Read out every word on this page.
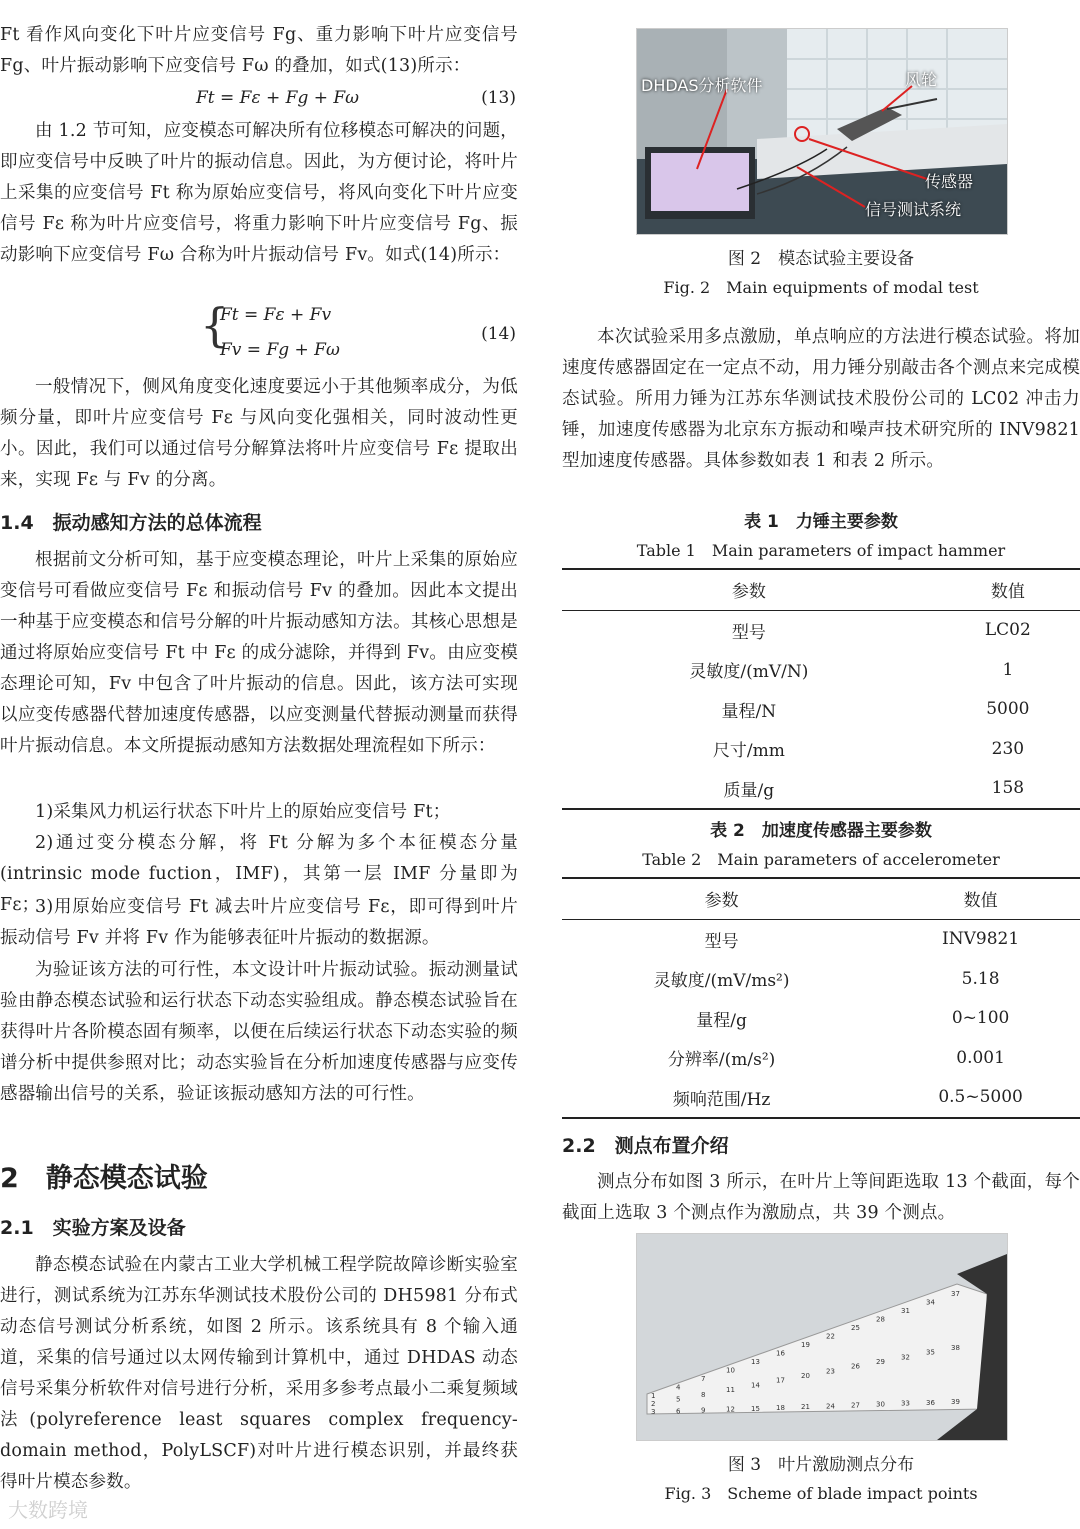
Ft 看作风向变化下叶片应变信号 Fg、重力影响下叶片应变信号 Fg、叶片振动影响下应变信号 Fω 的叠加，如式(13)所示：

Ft = Fε + Fg + Fω	(13)

由 1.2 节可知，应变模态可解决所有位移模态可解决的问题，即应变信号中反映了叶片的振动信息。因此，为方便讨论，将叶片上采集的应变信号 Ft 称为原始应变信号，将风向变化下叶片应变信号 Fε 称为叶片应变信号，将重力影响下叶片应变信号 Fg、振动影响下应变信号 Fω 合称为叶片振动信号 Fv。如式(14)所示：

{
Ft = Fε + Fv
Fv = Fg + Fω
(14)

一般情况下，侧风角度变化速度要远小于其他频率成分，为低频分量，即叶片应变信号 Fε 与风向变化强相关，同时波动性更小。因此，我们可以通过信号分解算法将叶片应变信号 Fε 提取出来，实现 Fε 与 Fv 的分离。

1.4　振动感知方法的总体流程

根据前文分析可知，基于应变模态理论，叶片上采集的原始应变信号可看做应变信号 Fε 和振动信号 Fv 的叠加。因此本文提出一种基于应变模态和信号分解的叶片振动感知方法。其核心思想是通过将原始应变信号 Ft 中 Fε 的成分滤除，并得到 Fv。由应变模态理论可知，Fv 中包含了叶片振动的信息。因此，该方法可实现以应变传感器代替加速度传感器，以应变测量代替振动测量而获得叶片振动信息。本文所提振动感知方法数据处理流程如下所示：

1)采集风力机运行状态下叶片上的原始应变信号 Ft；

2)通过变分模态分解，将 Ft 分解为多个本征模态分量(intrinsic mode fuction，IMF)，其第一层 IMF 分量即为 Fε；

3)用原始应变信号 Ft 减去叶片应变信号 Fε，即可得到叶片振动信号 Fv 并将 Fv 作为能够表征叶片振动的数据源。

为验证该方法的可行性，本文设计叶片振动试验。振动测量试验由静态模态试验和运行状态下动态实验组成。静态模态试验旨在获得叶片各阶模态固有频率，以便在后续运行状态下动态实验的频谱分析中提供参照对比；动态实验旨在分析加速度传感器与应变传感器输出信号的关系，验证该振动感知方法的可行性。

2　静态模态试验
2.1　实验方案及设备

静态模态试验在内蒙古工业大学机械工程学院故障诊断实验室进行，测试系统为江苏东华测试技术股份公司的 DH5981 分布式动态信号测试分析系统，如图 2 所示。该系统具有 8 个输入通道，采集的信号通过以太网传输到计算机中，通过 DHDAS 动态信号采集分析软件对信号进行分析，采用多参考点最小二乘复频域法(polyreference least squares complex frequency-domain method，PolyLSCF)对叶片进行模态识别，并最终获得叶片模态参数。

DHDAS分析软件	风轮
传感器
信号测试系统
图 2　模态试验主要设备
Fig. 2　Main equipments of modal test

本次试验采用多点激励，单点响应的方法进行模态试验。将加速度传感器固定在一定点不动，用力锤分别敲击各个测点来完成模态试验。所用力锤为江苏东华测试技术股份公司的 LC02 冲击力锤，加速度传感器为北京东方振动和噪声技术研究所的 INV9821 型加速度传感器。具体参数如表 1 和表 2 所示。

表 1　力锤主要参数
Table 1　Main parameters of impact hammer
参数	数值
型号	LC02
灵敏度/(mV/N)	1
量程/N	5000
尺寸/mm	230
质量/g	158
表 2　加速度传感器主要参数
Table 2　Main parameters of accelerometer
参数	数值
型号	INV9821
灵敏度/(mV/ms²)	5.18
量程/g	0~100
分辨率/(m/s²)	0.001
频响范围/Hz	0.5~5000
2.2　测点布置介绍

测点分布如图 3 所示，在叶片上等间距选取 13 个截面，每个截面上选取 3 个测点作为激励点，共 39 个测点。

1
2
3
4
5
6
7
8
9
10
11
12
13
14
15
16
17
18
19
20
21
22
23
24
25
26
27
28
29
30
31
32
33
34
35
36
37
38
39
图 3　叶片激励测点分布
Fig. 3　Scheme of blade impact points
大数跨境
